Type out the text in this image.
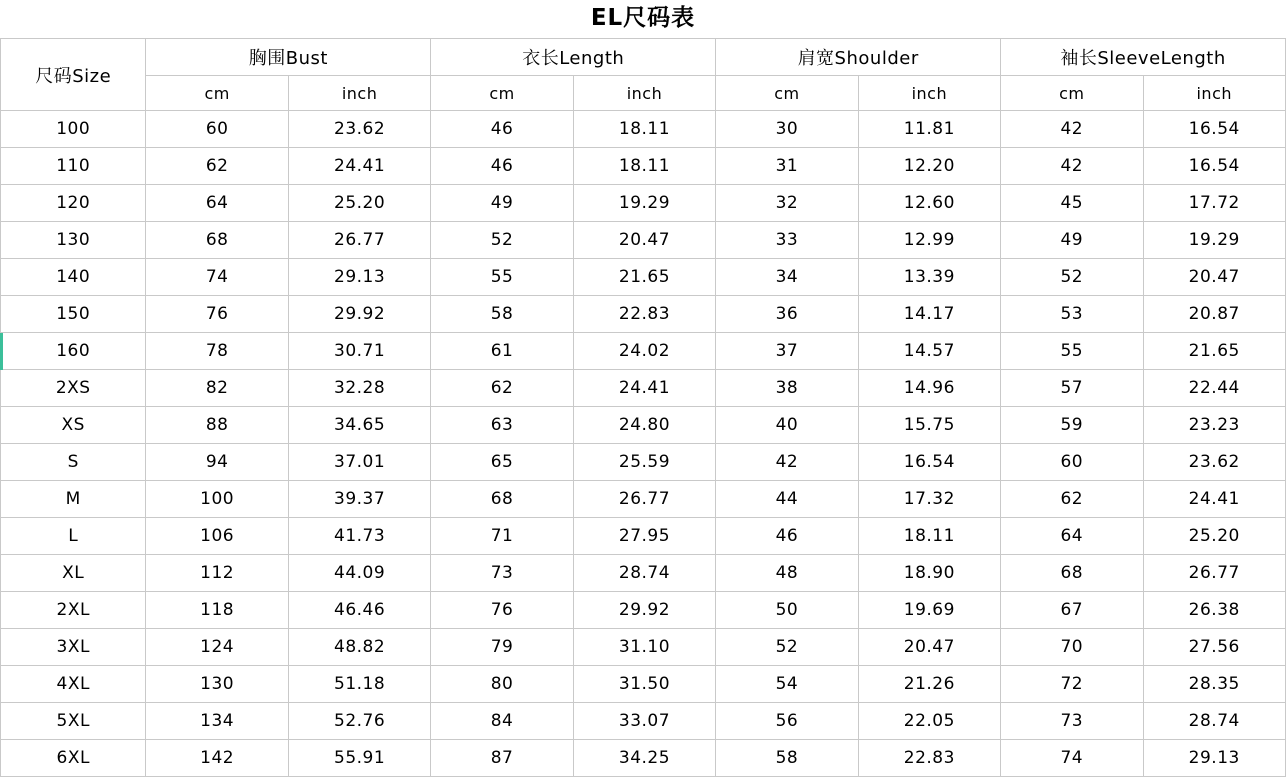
EL尺码表
尺码Size	胸围Bust		衣长Length		肩宽Shoulder		袖长SleeveLength	
	cm	inch	cm	inch	cm	inch	cm	inch
100	60	23.62	46	18.11	30	11.81	42	16.54
110	62	24.41	46	18.11	31	12.20	42	16.54
120	64	25.20	49	19.29	32	12.60	45	17.72
130	68	26.77	52	20.47	33	12.99	49	19.29
140	74	29.13	55	21.65	34	13.39	52	20.47
150	76	29.92	58	22.83	36	14.17	53	20.87
160	78	30.71	61	24.02	37	14.57	55	21.65
2XS	82	32.28	62	24.41	38	14.96	57	22.44
XS	88	34.65	63	24.80	40	15.75	59	23.23
S	94	37.01	65	25.59	42	16.54	60	23.62
M	100	39.37	68	26.77	44	17.32	62	24.41
L	106	41.73	71	27.95	46	18.11	64	25.20
XL	112	44.09	73	28.74	48	18.90	68	26.77
2XL	118	46.46	76	29.92	50	19.69	67	26.38
3XL	124	48.82	79	31.10	52	20.47	70	27.56
4XL	130	51.18	80	31.50	54	21.26	72	28.35
5XL	134	52.76	84	33.07	56	22.05	73	28.74
6XL	142	55.91	87	34.25	58	22.83	74	29.13
